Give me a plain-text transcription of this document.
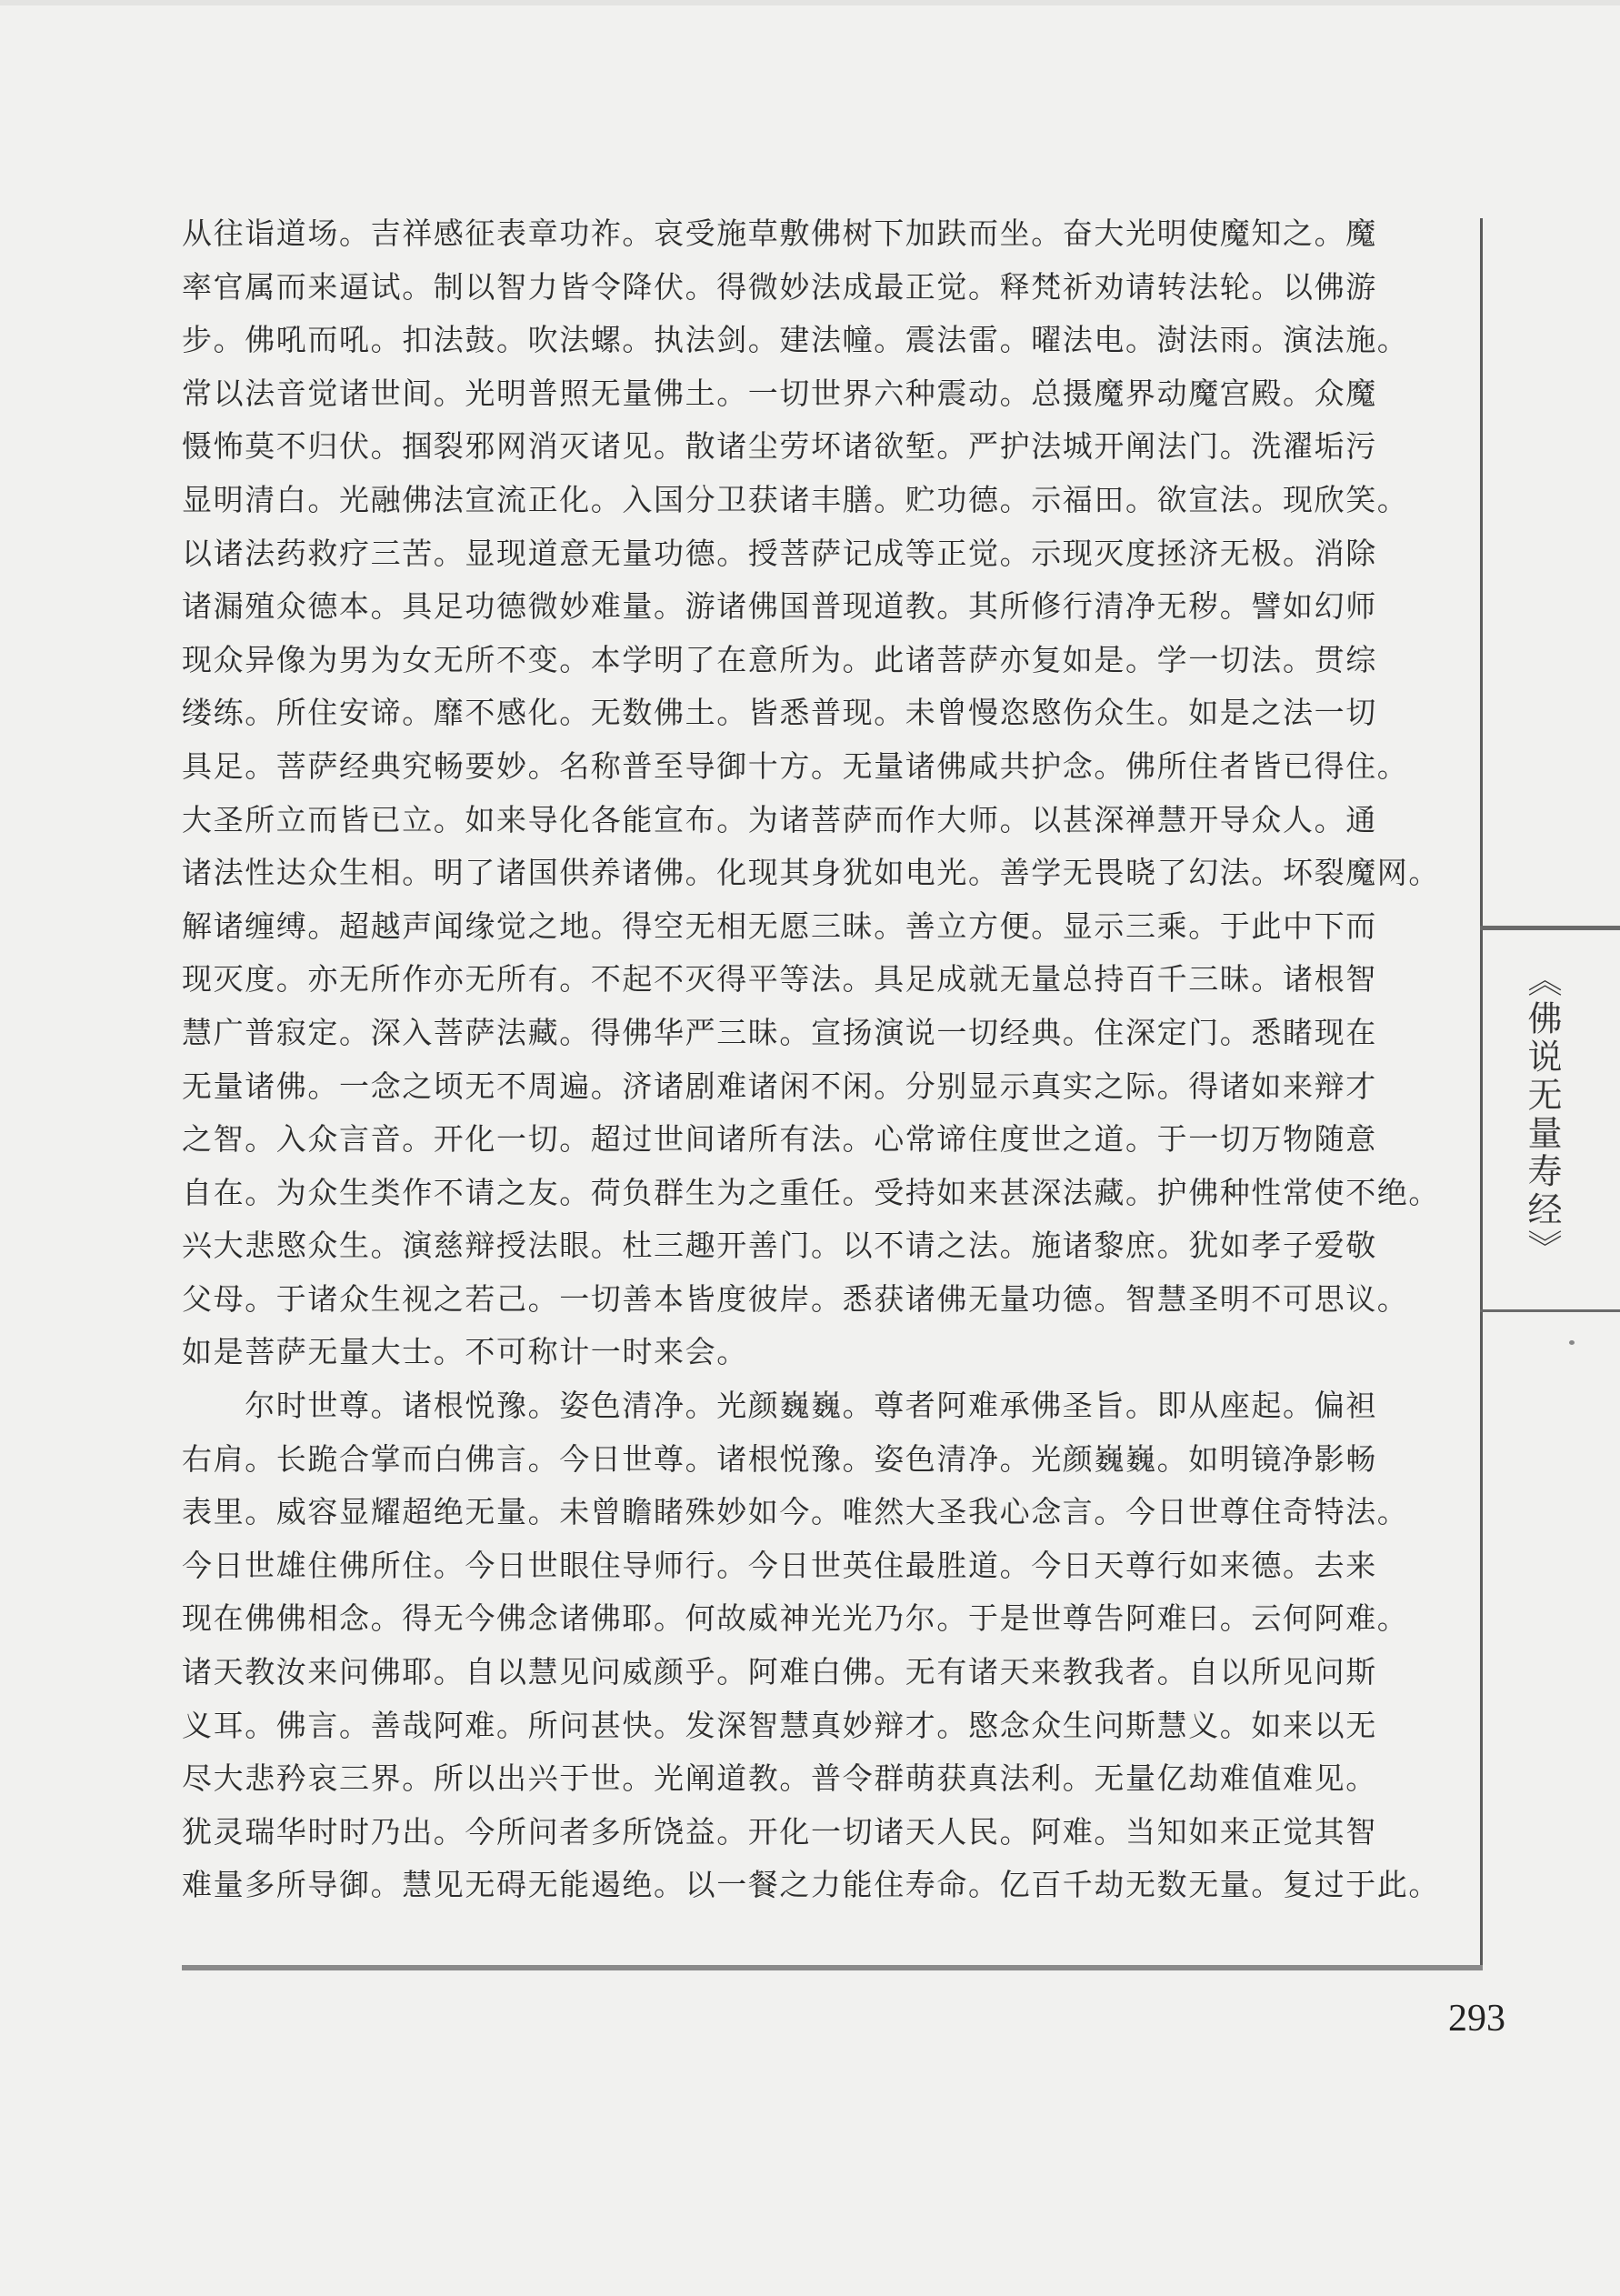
《佛说无量寿经》
从往诣道场。吉祥感征表章功祚。哀受施草敷佛树下加趺而坐。奋大光明使魔知之。魔
率官属而来逼试。制以智力皆令降伏。得微妙法成最正觉。释梵祈劝请转法轮。以佛游
步。佛吼而吼。扣法鼓。吹法螺。执法剑。建法幢。震法雷。曜法电。澍法雨。演法施。
常以法音觉诸世间。光明普照无量佛土。一切世界六种震动。总摄魔界动魔宫殿。众魔
慑怖莫不归伏。掴裂邪网消灭诸见。散诸尘劳坏诸欲堑。严护法城开阐法门。洗濯垢污
显明清白。光融佛法宣流正化。入国分卫获诸丰膳。贮功德。示福田。欲宣法。现欣笑。
以诸法药救疗三苦。显现道意无量功德。授菩萨记成等正觉。示现灭度拯济无极。消除
诸漏殖众德本。具足功德微妙难量。游诸佛国普现道教。其所修行清净无秽。譬如幻师
现众异像为男为女无所不变。本学明了在意所为。此诸菩萨亦复如是。学一切法。贯综
缕练。所住安谛。靡不感化。无数佛土。皆悉普现。未曾慢恣愍伤众生。如是之法一切
具足。菩萨经典究畅要妙。名称普至导御十方。无量诸佛咸共护念。佛所住者皆已得住。
大圣所立而皆已立。如来导化各能宣布。为诸菩萨而作大师。以甚深禅慧开导众人。通
诸法性达众生相。明了诸国供养诸佛。化现其身犹如电光。善学无畏晓了幻法。坏裂魔网。
解诸缠缚。超越声闻缘觉之地。得空无相无愿三昧。善立方便。显示三乘。于此中下而
现灭度。亦无所作亦无所有。不起不灭得平等法。具足成就无量总持百千三昧。诸根智
慧广普寂定。深入菩萨法藏。得佛华严三昧。宣扬演说一切经典。住深定门。悉睹现在
无量诸佛。一念之顷无不周遍。济诸剧难诸闲不闲。分别显示真实之际。得诸如来辩才
之智。入众言音。开化一切。超过世间诸所有法。心常谛住度世之道。于一切万物随意
自在。为众生类作不请之友。荷负群生为之重任。受持如来甚深法藏。护佛种性常使不绝。
兴大悲愍众生。演慈辩授法眼。杜三趣开善门。以不请之法。施诸黎庶。犹如孝子爱敬
父母。于诸众生视之若己。一切善本皆度彼岸。悉获诸佛无量功德。智慧圣明不可思议。
如是菩萨无量大士。不可称计一时来会。
　　尔时世尊。诸根悦豫。姿色清净。光颜巍巍。尊者阿难承佛圣旨。即从座起。偏袒
右肩。长跪合掌而白佛言。今日世尊。诸根悦豫。姿色清净。光颜巍巍。如明镜净影畅
表里。威容显耀超绝无量。未曾瞻睹殊妙如今。唯然大圣我心念言。今日世尊住奇特法。
今日世雄住佛所住。今日世眼住导师行。今日世英住最胜道。今日天尊行如来德。去来
现在佛佛相念。得无今佛念诸佛耶。何故威神光光乃尔。于是世尊告阿难曰。云何阿难。
诸天教汝来问佛耶。自以慧见问威颜乎。阿难白佛。无有诸天来教我者。自以所见问斯
义耳。佛言。善哉阿难。所问甚快。发深智慧真妙辩才。愍念众生问斯慧义。如来以无
尽大悲矜哀三界。所以出兴于世。光阐道教。普令群萌获真法利。无量亿劫难值难见。
犹灵瑞华时时乃出。今所问者多所饶益。开化一切诸天人民。阿难。当知如来正觉其智
难量多所导御。慧见无碍无能遏绝。以一餐之力能住寿命。亿百千劫无数无量。复过于此。
293
